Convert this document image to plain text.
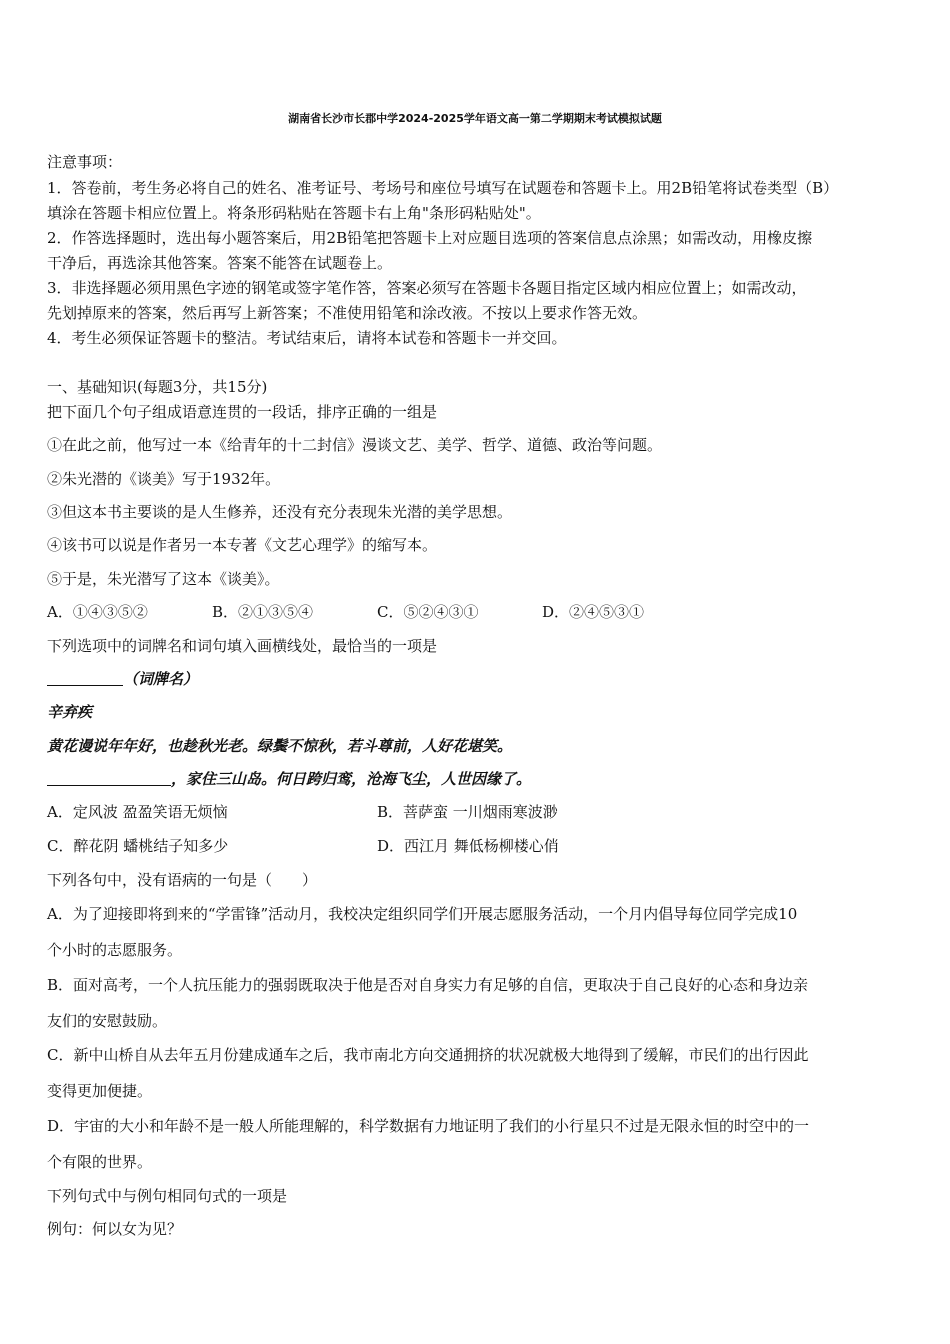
湖南省长沙市长郡中学2024-2025学年语文高一第二学期期末考试模拟试题
注意事项：
1．答卷前，考生务必将自己的姓名、准考证号、考场号和座位号填写在试题卷和答题卡上。用2B铅笔将试卷类型（B）
填涂在答题卡相应位置上。将条形码粘贴在答题卡右上角"条形码粘贴处"。
2．作答选择题时，选出每小题答案后，用2B铅笔把答题卡上对应题目选项的答案信息点涂黑；如需改动，用橡皮擦
干净后，再选涂其他答案。答案不能答在试题卷上。
3．非选择题必须用黑色字迹的钢笔或签字笔作答，答案必须写在答题卡各题目指定区域内相应位置上；如需改动，
先划掉原来的答案，然后再写上新答案；不准使用铅笔和涂改液。不按以上要求作答无效。
4．考生必须保证答题卡的整洁。考试结束后，请将本试卷和答题卡一并交回。
一、基础知识(每题3分，共15分)
把下面几个句子组成语意连贯的一段话，排序正确的一组是
①在此之前，他写过一本《给青年的十二封信》漫谈文艺、美学、哲学、道德、政治等问题。
②朱光潜的《谈美》写于1932年。
③但这本书主要谈的是人生修养，还没有充分表现朱光潜的美学思想。
④该书可以说是作者另一本专著《文艺心理学》的缩写本。
⑤于是，朱光潜写了这本《谈美》。
A．①④③⑤②	B．②①③⑤④	C．⑤②④③①	D．②④⑤③①
下列选项中的词牌名和词句填入画横线处，最恰当的一项是
（词牌名）
辛弃疾
黄花谩说年年好，也趁秋光老。绿鬓不惊秋，若斗尊前，人好花堪笑。
，家住三山岛。何日跨归鸾，沧海飞尘，人世因缘了。
A．定风波 盈盈笑语无烦恼	B．菩萨蛮 一川烟雨寒波渺
C．醉花阴 蟠桃结子知多少	D．西江月 舞低杨柳楼心俏
下列各句中，没有语病的一句是（　　）
A．为了迎接即将到来的“学雷锋”活动月，我校决定组织同学们开展志愿服务活动，一个月内倡导每位同学完成10
个小时的志愿服务。
B．面对高考，一个人抗压能力的强弱既取决于他是否对自身实力有足够的自信，更取决于自己良好的心态和身边亲
友们的安慰鼓励。
C．新中山桥自从去年五月份建成通车之后，我市南北方向交通拥挤的状况就极大地得到了缓解，市民们的出行因此
变得更加便捷。
D．宇宙的大小和年龄不是一般人所能理解的，科学数据有力地证明了我们的小行星只不过是无限永恒的时空中的一
个有限的世界。
下列句式中与例句相同句式的一项是
例句：何以女为见？
